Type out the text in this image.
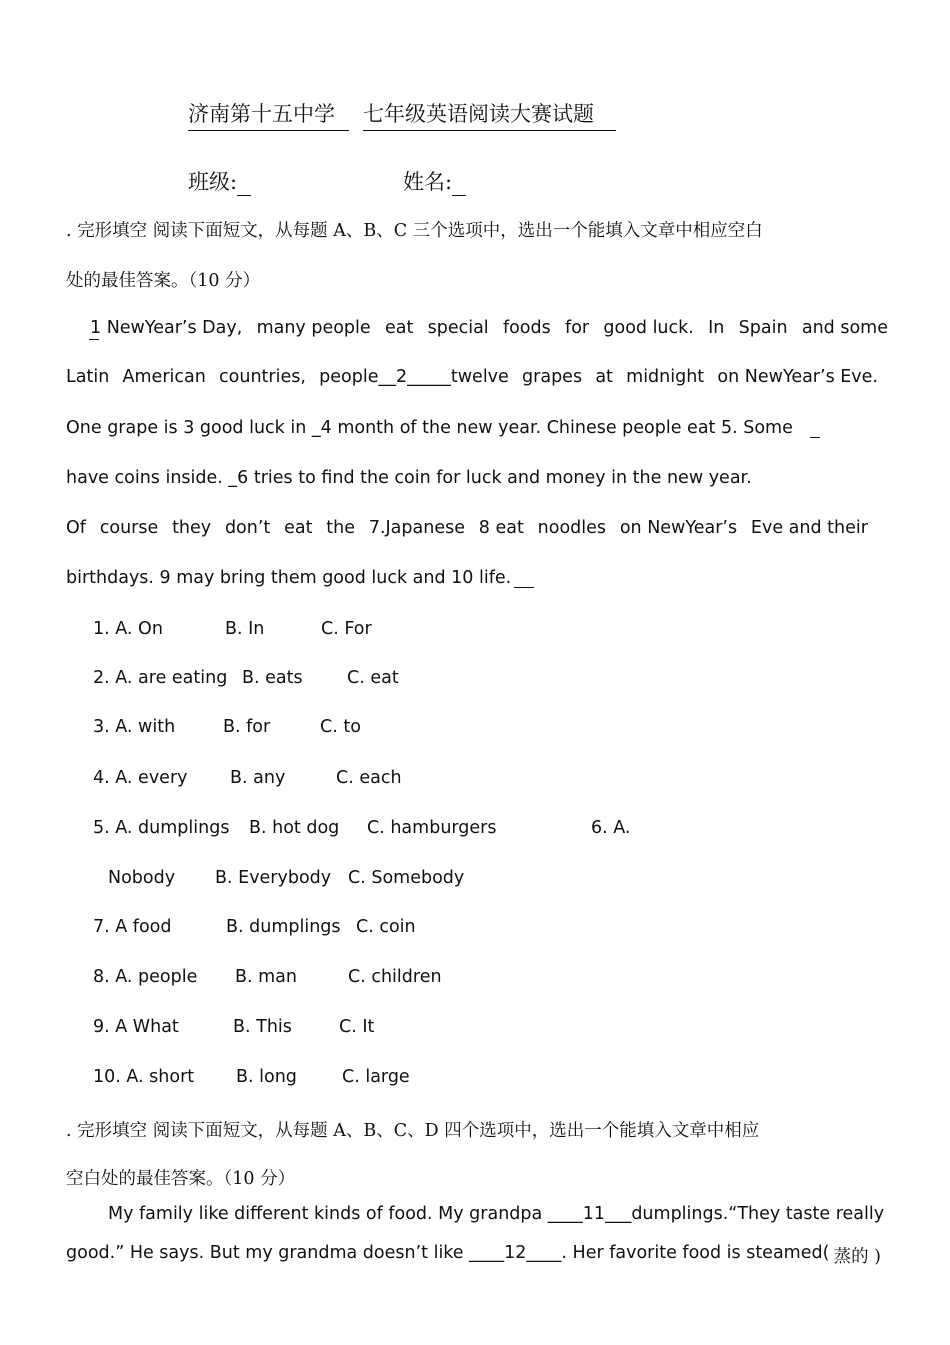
济南第十五中学 七年级英语阅读大赛试题
班级:	姓名:
. 完形填空 阅读下面短文，从每题 A、B、C 三个选项中，选出一个能填入文章中相应空白
处的最佳答案。（10 分）
1 NewYear’s Day, many people eat special foods for good luck. In Spain and some
Latin American countries, people__2_____twelve grapes at midnight on NewYear’s Eve.
One grape is 3 good luck in _4 month of the new year. Chinese people eat 5. Some
have coins inside. _6 tries to find the coin for luck and money in the new year.
Of course they don’t eat the 7.Japanese 8 eat noodles on NewYear’s Eve and their
birthdays. 9 may bring them good luck and 10 life.
1. A. On	B. In	C. For
2. A. are eating B. eats	C. eat
3. A. with	B. for	C. to
4. A. every B. any	C. each
5. A. dumplings B. hot dog C. hamburgers	6. A.
Nobody B. Everybody C. Somebody
7. A food	B. dumplings C. coin
8. A. people B. man	C. children
9. A What	B. This	C. It
10. A. short B. long	C. large
. 完形填空 阅读下面短文，从每题 A、B、C、D 四个选项中，选出一个能填入文章中相应
空白处的最佳答案。（10 分）
My family like different kinds of food. My grandpa ____11___dumplings. “They taste really
good.” He says. But my grandma doesn’t like ____12____. Her favorite food is steamed( 蒸的 )
